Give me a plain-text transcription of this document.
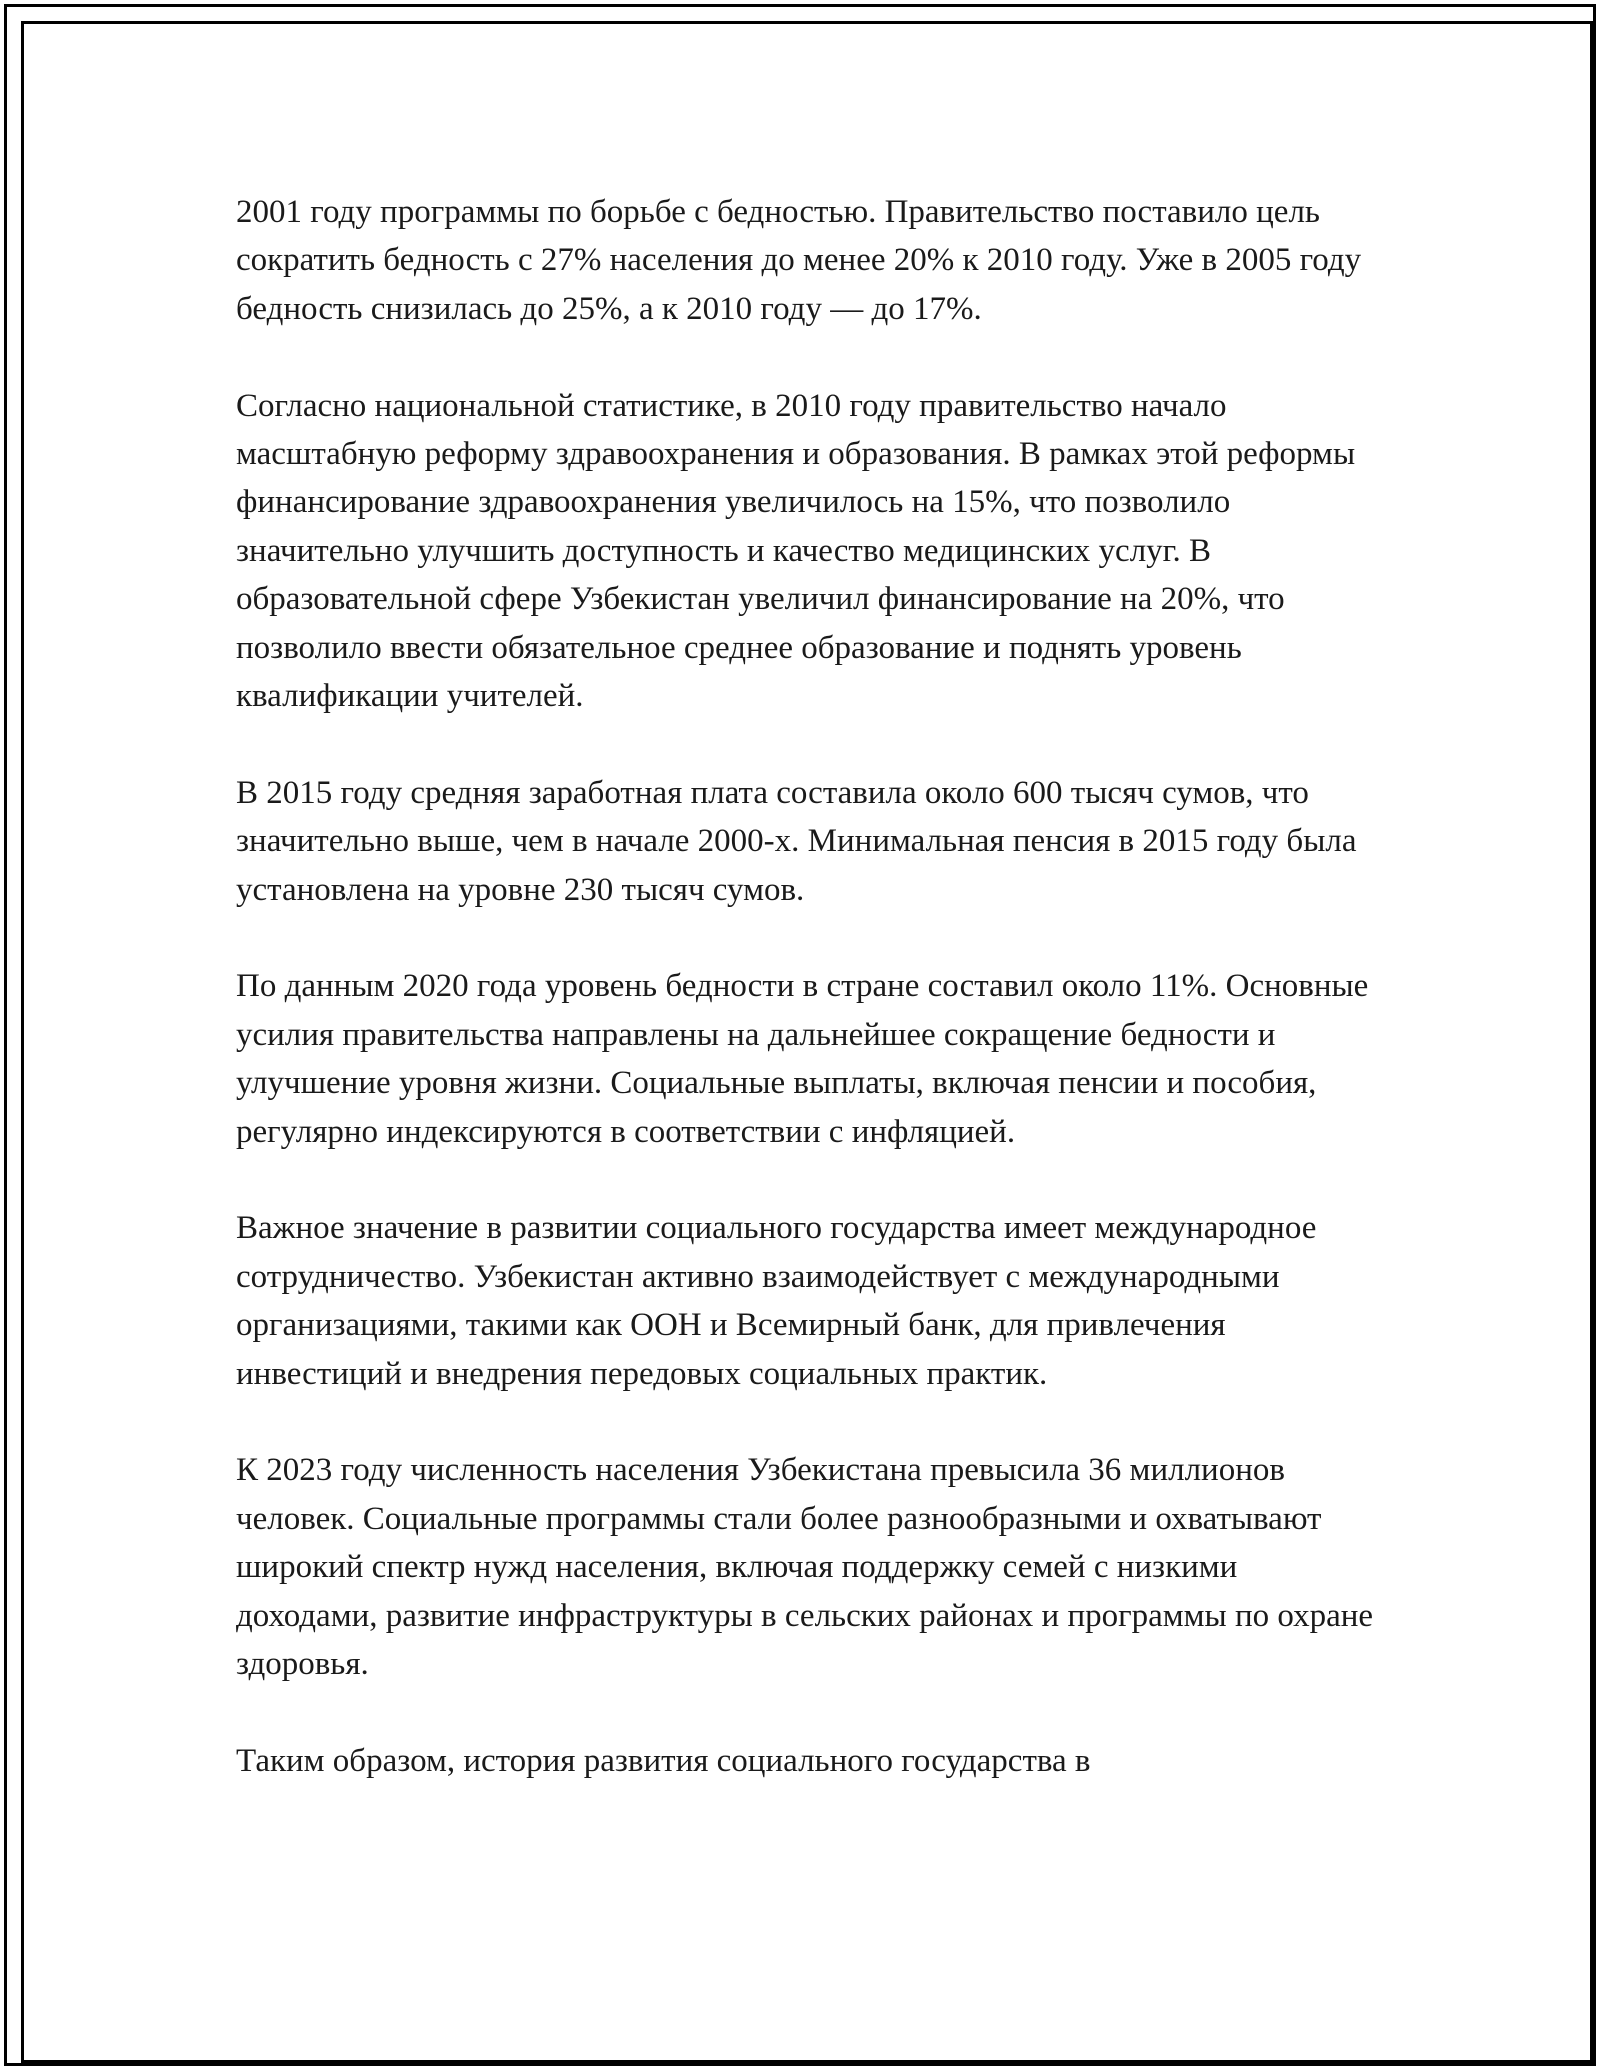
2001 году программы по борьбе с бедностью. Правительство поставило цель сократить бедность с 27% населения до менее 20% к 2010 году. Уже в 2005 году бедность снизилась до 25%, а к 2010 году — до 17%.

Согласно национальной статистике, в 2010 году правительство начало масштабную реформу здравоохранения и образования. В рамках этой реформы финансирование здравоохранения увеличилось на 15%, что позволило значительно улучшить доступность и качество медицинских услуг. В образовательной сфере Узбекистан увеличил финансирование на 20%, что позволило ввести обязательное среднее образование и поднять уровень квалификации учителей.

В 2015 году средняя заработная плата составила около 600 тысяч сумов, что значительно выше, чем в начале 2000-х. Минимальная пенсия в 2015 году была установлена на уровне 230 тысяч сумов.

По данным 2020 года уровень бедности в стране составил около 11%. Основные усилия правительства направлены на дальнейшее сокращение бедности и улучшение уровня жизни. Социальные выплаты, включая пенсии и пособия, регулярно индексируются в соответствии с инфляцией.

Важное значение в развитии социального государства имеет международное сотрудничество. Узбекистан активно взаимодействует с международными организациями, такими как ООН и Всемирный банк, для привлечения инвестиций и внедрения передовых социальных практик.

К 2023 году численность населения Узбекистана превысила 36 миллионов человек. Социальные программы стали более разнообразными и охватывают широкий спектр нужд населения, включая поддержку семей с низкими доходами, развитие инфраструктуры в сельских районах и программы по охране здоровья.

Таким образом, история развития социального государства в
